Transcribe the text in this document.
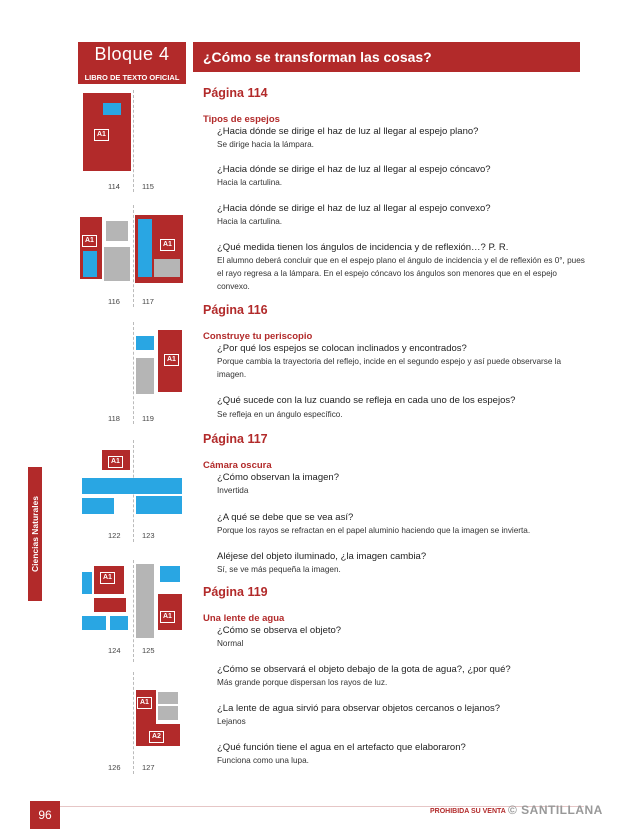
Bloque 4
LIBRO DE TEXTO OFICIAL
¿Cómo se transforman las cosas?
Ciencias Naturales
A1
114	115
A1
A1
116	117
A1
118	119
A1
122	123
A1
A1
124	125
A1
A2
126	127
Página 114
Tipos de espejos
¿Hacia dónde se dirige el haz de luz al llegar al espejo plano?
Se dirige hacia la lámpara.
¿Hacia dónde se dirige el haz de luz al llegar al espejo cóncavo?
Hacia la cartulina.
¿Hacia dónde se dirige el haz de luz al llegar al espejo convexo?
Hacia la cartulina.
¿Qué medida tienen los ángulos de incidencia y de reflexión…? P. R.
El alumno deberá concluir que en el espejo plano el ángulo de incidencia y el de reflexión es 0°, pues el rayo regresa a la lámpara. En el espejo cóncavo los ángulos son menores que en el espejo convexo.
Página 116
Construye tu periscopio
¿Por qué los espejos se colocan inclinados y encontrados?
Porque cambia la trayectoria del reflejo, incide en el segundo espejo y así puede observarse la imagen.
¿Qué sucede con la luz cuando se refleja en cada uno de los espejos?
Se refleja en un ángulo específico.
Página 117
Cámara oscura
¿Cómo observan la imagen?
Invertida
¿A qué se debe que se vea así?
Porque los rayos se refractan en el papel aluminio haciendo que la imagen se invierta.
Aléjese del objeto iluminado, ¿la imagen cambia?
Sí, se ve más pequeña la imagen.
Página 119
Una lente de agua
¿Cómo se observa el objeto?
Normal
¿Cómo se observará el objeto debajo de la gota de agua?, ¿por qué?
Más grande porque dispersan los rayos de luz.
¿La lente de agua sirvió para observar objetos cercanos o lejanos?
Lejanos
¿Qué función tiene el agua en el artefacto que elaboraron?
Funciona como una lupa.
96	PROHIBIDA SU VENTA © SANTILLANA
